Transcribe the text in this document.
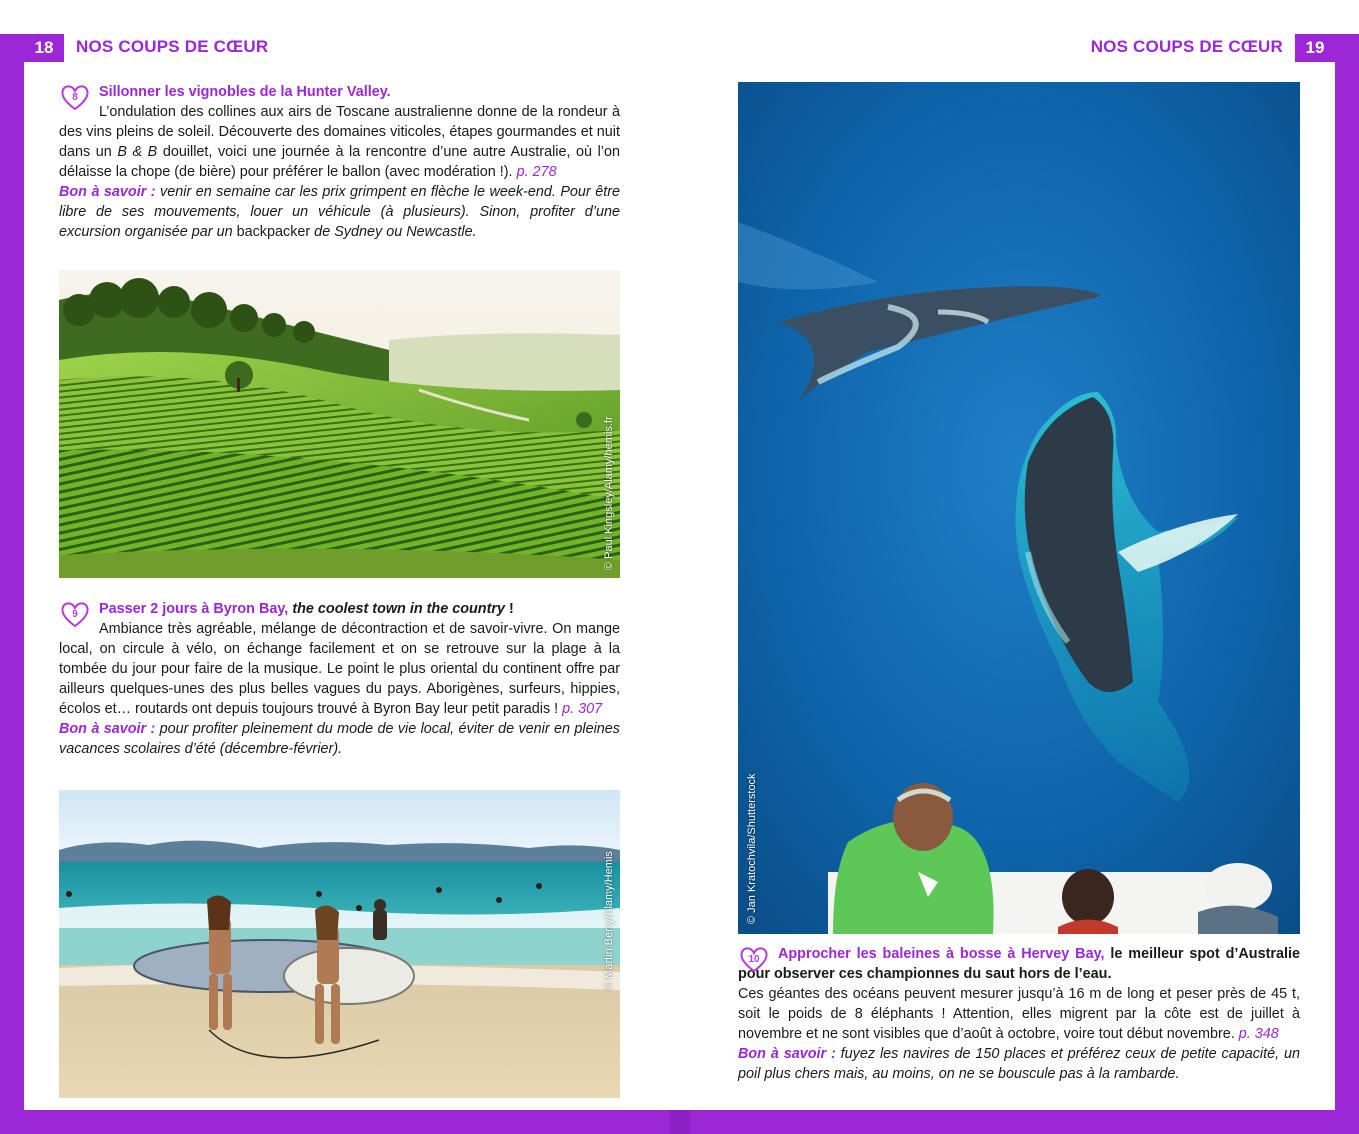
18	NOS COUPS DE CŒUR
8	Sillonner les vignobles de la Hunter Valley.

L’ondulation des collines aux airs de Toscane australienne donne de la rondeur à des vins pleins de soleil. Découverte des domaines viticoles, étapes gourmandes et nuit dans un B & B douillet, voici une journée à la rencontre d’une autre Australie, où l’on délaisse la chope (de bière) pour préférer le ballon (avec modération !). p. 278

Bon à savoir : venir en semaine car les prix grimpent en flèche le week-end. Pour être libre de ses mouvements, louer un véhicule (à plusieurs). Sinon, profiter d’une excursion organisée par un backpacker de Sydney ou Newcastle.

© Paul Kingsley/Alamy/hemis.fr
9	Passer 2 jours à Byron Bay, the coolest town in the country !

Ambiance très agréable, mélange de décontraction et de savoir-vivre. On mange local, on circule à vélo, on échange facilement et on se retrouve sur la plage à la tombée du jour pour faire de la musique. Le point le plus oriental du continent offre par ailleurs quelques-unes des plus belles vagues du pays. Aborigènes, surfeurs, hippies, écolos et… routards ont depuis toujours trouvé à Byron Bay leur petit paradis ! p. 307

Bon à savoir : pour profiter pleinement du mode de vie local, éviter de venir en pleines vacances scolaires d’été (décembre-février).

© Martin Berry/Alamy/Hemis
19
NOS COUPS DE CŒUR
© Jan Kratochvila/Shutterstock
10	Approcher les baleines à bosse à Hervey Bay, le meilleur spot d’Australie pour observer ces championnes du saut hors de l’eau.

Ces géantes des océans peuvent mesurer jusqu’à 16 m de long et peser près de 45 t, soit le poids de 8 éléphants ! Attention, elles migrent par la côte est de juillet à novembre et ne sont visibles que d’août à octobre, voire tout début novembre. p. 348

Bon à savoir : fuyez les navires de 150 places et préférez ceux de petite capacité, un poil plus chers mais, au moins, on ne se bouscule pas à la rambarde.
